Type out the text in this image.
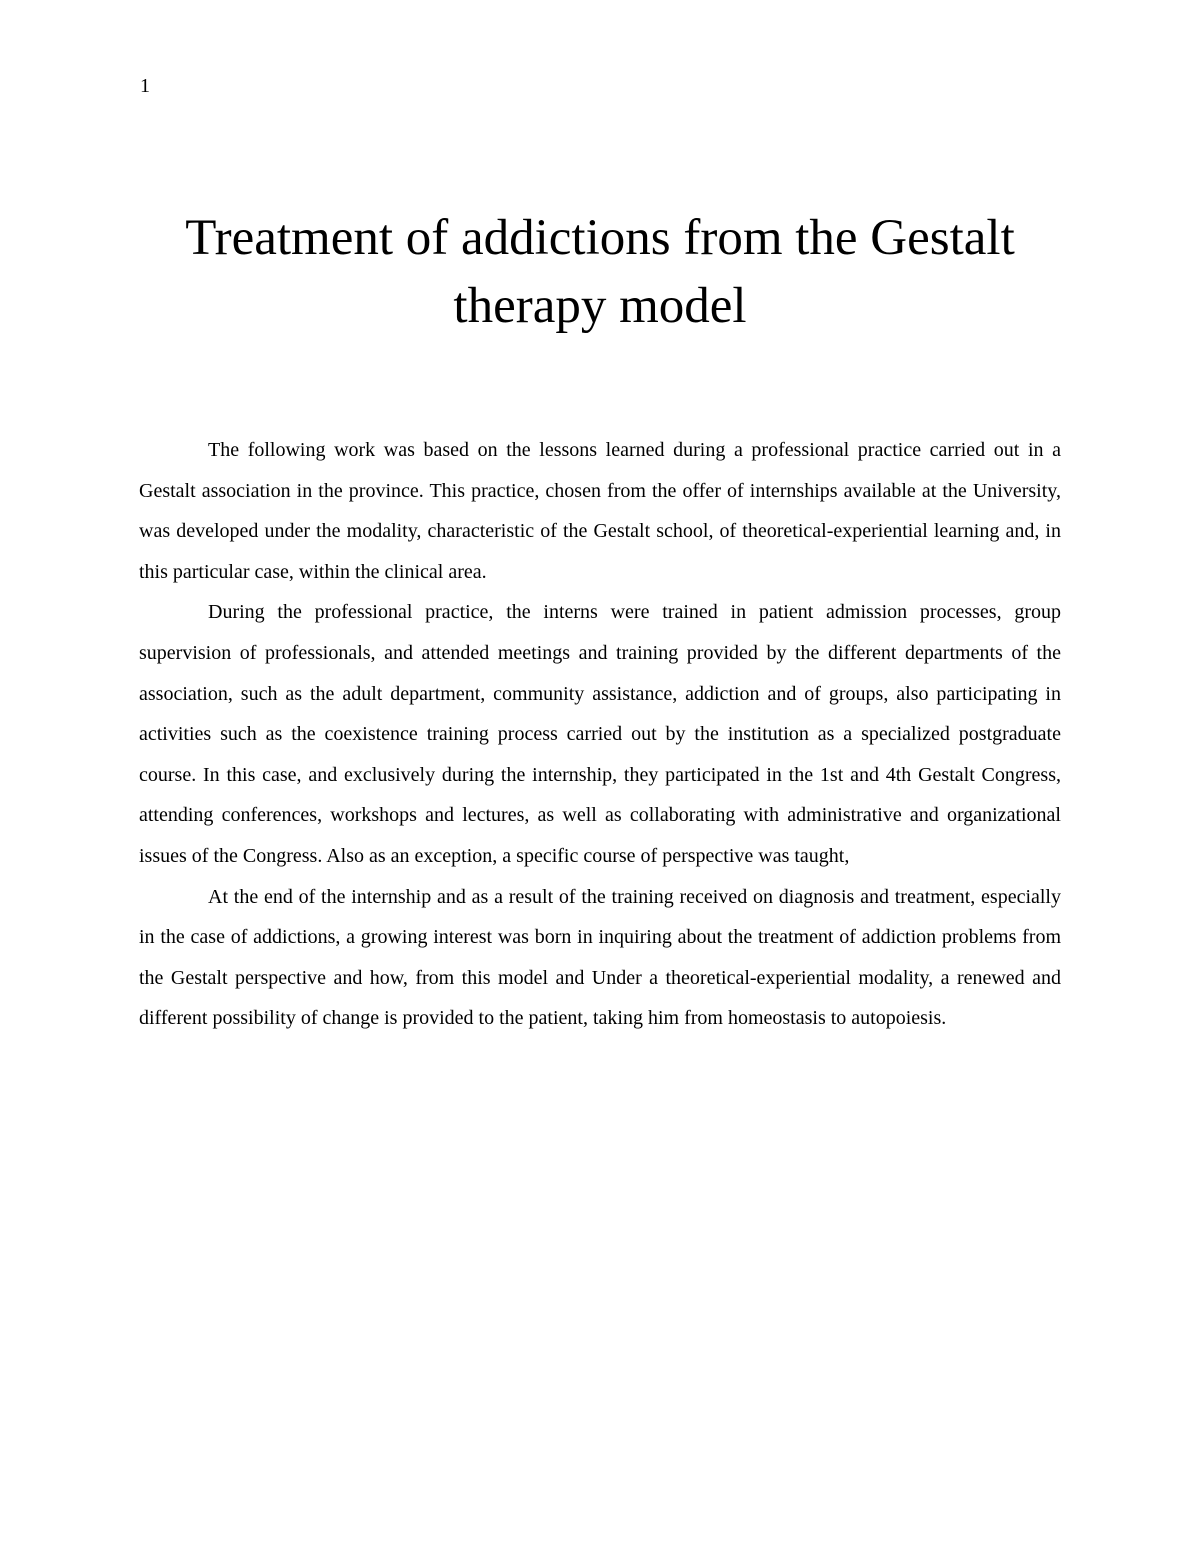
1
Treatment of addictions from the Gestalt therapy model

The following work was based on the lessons learned during a professional practice carried out in a Gestalt association in the province. This practice, chosen from the offer of internships available at the University, was developed under the modality, characteristic of the Gestalt school, of theoretical-experiential learning and, in this particular case, within the clinical area.

During the professional practice, the interns were trained in patient admission processes, group supervision of professionals, and attended meetings and training provided by the different departments of the association, such as the adult department, community assistance, addiction and of groups, also participating in activities such as the coexistence training process carried out by the institution as a specialized postgraduate course. In this case, and exclusively during the internship, they participated in the 1st and 4th Gestalt Congress, attending conferences, workshops and lectures, as well as collaborating with administrative and organizational issues of the Congress. Also as an exception, a specific course of perspective was taught,

At the end of the internship and as a result of the training received on diagnosis and treatment, especially in the case of addictions, a growing interest was born in inquiring about the treatment of addiction problems from the Gestalt perspective and how, from this model and Under a theoretical-experiential modality, a renewed and different possibility of change is provided to the patient, taking him from homeostasis to autopoiesis.
